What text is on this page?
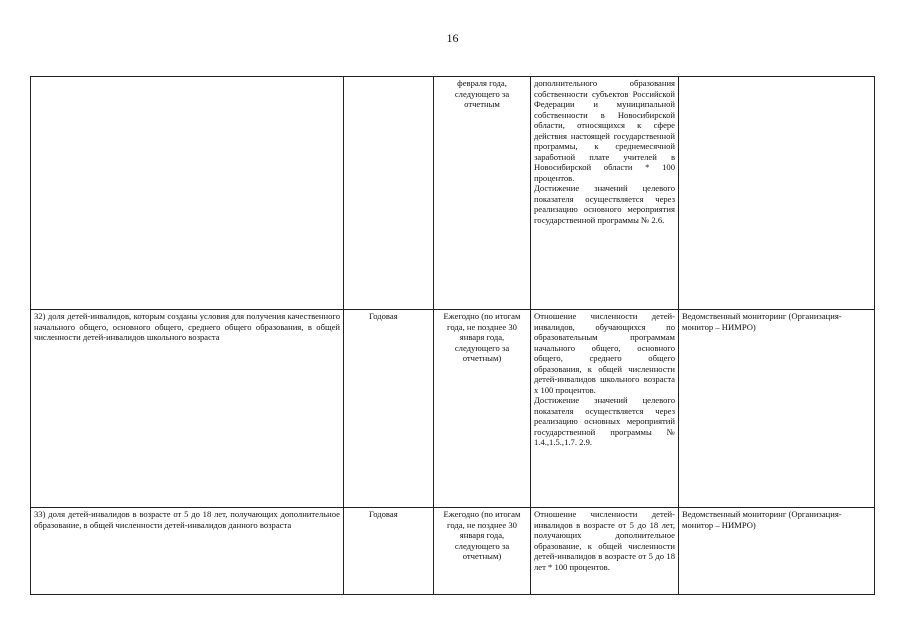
16
		февраля года, следующего за отчетным	дополнительного образования собственности субъектов Российской Федерации и муниципальной собственности в Новосибирской области, относящихся к сфере действия настоящей государственной программы, к среднемесячной заработной плате учителей в Новосибирской области * 100 процентов.
Достижение значений целевого показателя осуществляется через реализацию основного мероприятия государственной программы № 2.6.	

32) доля детей-инвалидов, которым созданы условия для получения качественного начального общего, основного общего, среднего общего образования, в общей численности детей-инвалидов школьного возраста	Годовая	Ежегодно (по итогам года, не позднее 30 января года, следующего за отчетным)	Отношение численности детей-инвалидов, обучающихся по образовательным программам начального общего, основного общего, среднего общего образования, к общей численности детей-инвалидов школьного возраста х 100 процентов.
Достижение значений целевого показателя осуществляется через реализацию основных мероприятий государственной программы № 1.4.,1.5.,1.7. 2.9.	Ведомственный мониторинг (Организация-монитор – НИМРО)
33) доля детей-инвалидов в возрасте от 5 до 18 лет, получающих дополнительное образование, в общей численности детей-инвалидов данного возраста	Годовая	Ежегодно (по итогам года, не позднее 30 января года, следующего за отчетным)	Отношение численности детей-инвалидов в возрасте от 5 до 18 лет, получающих дополнительное образование, к общей численности детей-инвалидов в возрасте от 5 до 18 лет * 100 процентов.	Ведомственный мониторинг (Организация-монитор – НИМРО)
